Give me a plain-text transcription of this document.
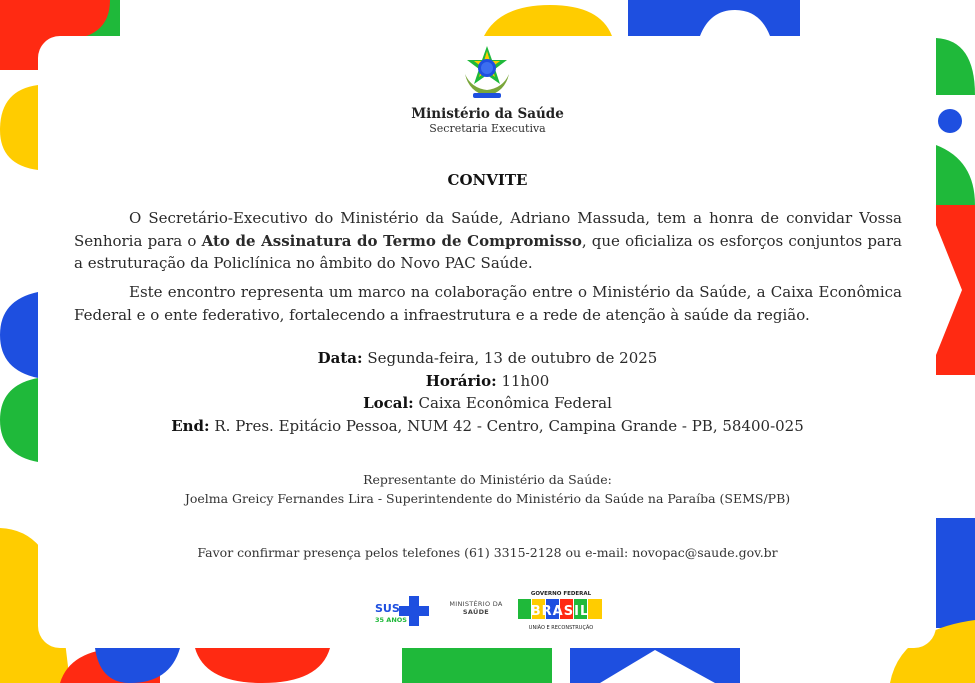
Ministério da Saúde
Secretaria Executiva
CONVITE
O Secretário-Executivo do Ministério da Saúde, Adriano Massuda, tem a honra de convidar Vossa Senhoria para o Ato de Assinatura do Termo de Compromisso, que oficializa os esforços conjuntos para a estruturação da Policlínica no âmbito do Novo PAC Saúde.
Este encontro representa um marco na colaboração entre o Ministério da Saúde, a Caixa Econômica Federal e o ente federativo, fortalecendo a infraestrutura e a rede de atenção à saúde da região.
Data: Segunda-feira, 13 de outubro de 2025
Horário: 11h00
Local: Caixa Econômica Federal
End: R. Pres. Epitácio Pessoa, NUM 42 - Centro, Campina Grande - PB, 58400-025
Representante do Ministério da Saúde:
Joelma Greicy Fernandes Lira - Superintendente do Ministério da Saúde na Paraíba (SEMS/PB)
Favor confirmar presença pelos telefones (61) 3315-2128 ou e-mail: novopac@saude.gov.br
SUS
35 ANOS
MINISTÉRIO DA
SAÚDE
GOVERNO FEDERAL
BRASIL
UNIÃO E RECONSTRUÇÃO
